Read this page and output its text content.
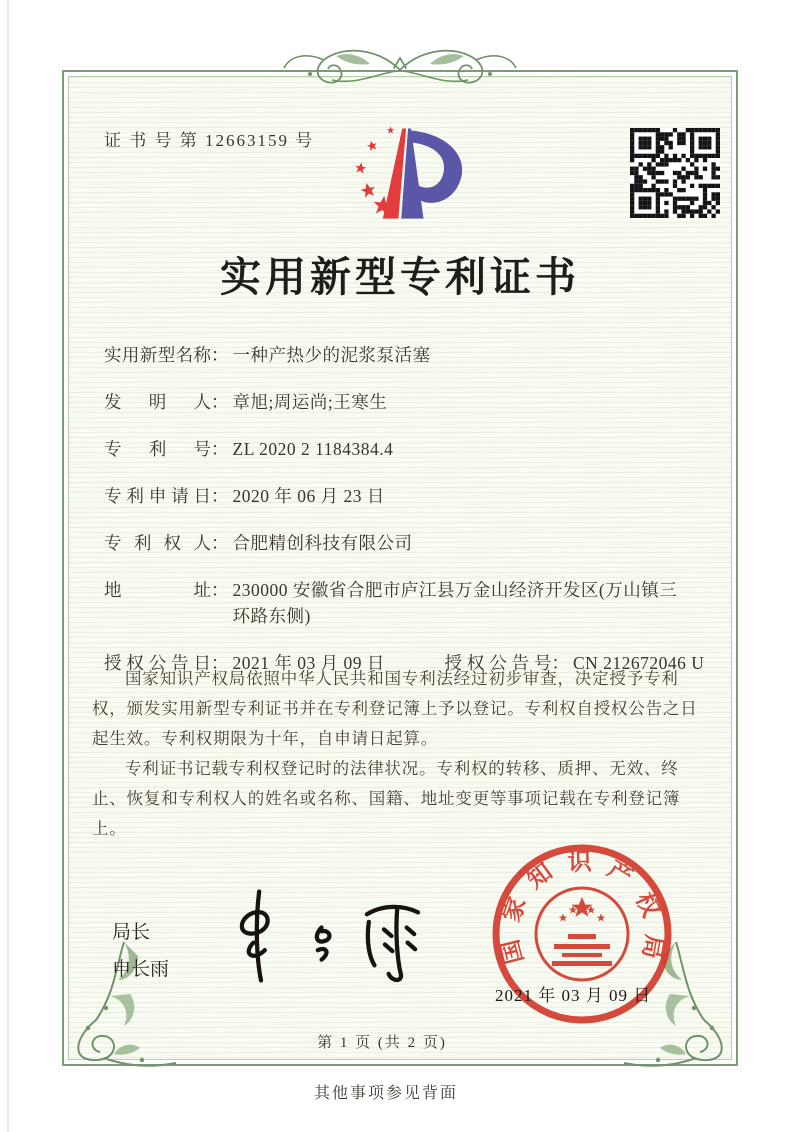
证 书 号 第 12663159 号
实用新型专利证书
实用新型名称 ： 一种产热少的泥浆泵活塞
发明人 ： 章旭;周运尚;王寒生
专利号 ： ZL 2020 2 1184384.4
专利申请日 ： 2020 年 06 月 23 日
专利权人 ： 合肥精创科技有限公司
地址 ： 230000 安徽省合肥市庐江县万金山经济开发区(万山镇三环路东侧)
授权公告日 ： 2021 年 03 月 09 日	授权公告号 ： CN 212672046 U

国家知识产权局依照中华人民共和国专利法经过初步审查，决定授予专利权，颁发实用新型专利证书并在专利登记簿上予以登记。专利权自授权公告之日起生效。专利权期限为十年，自申请日起算。

专利证书记载专利权登记时的法律状况。专利权的转移、质押、无效、终止、恢复和专利权人的姓名或名称、国籍、地址变更等事项记载在专利登记簿上。

局长
申长雨
国家知识产权局
2021 年 03 月 09 日
第 1 页 (共 2 页)
其他事项参见背面
